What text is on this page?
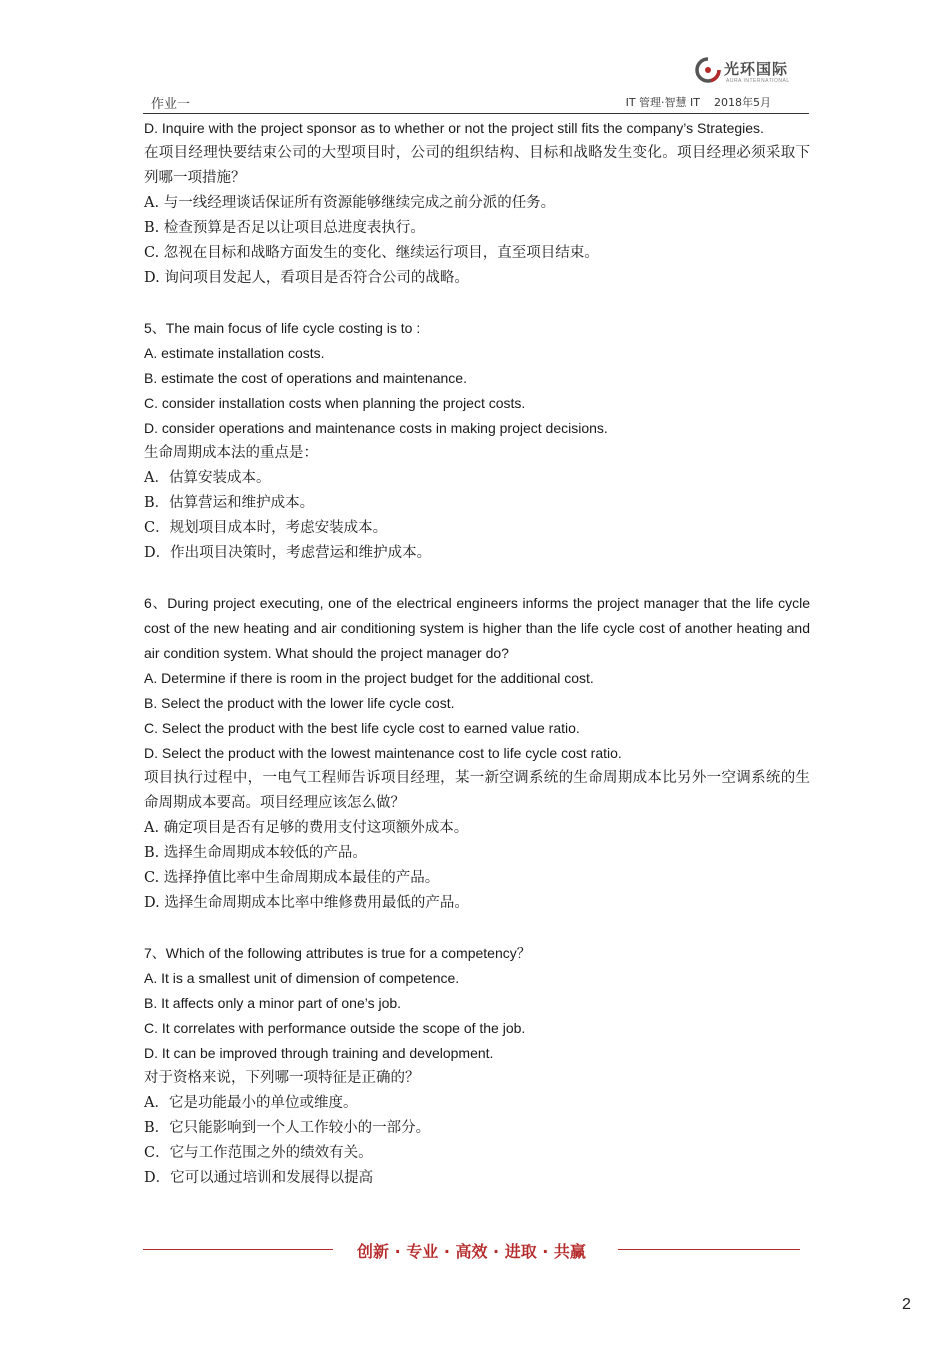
光环国际
AURA INTERNATIONAL
作业一	IT 管理·智慧 IT    2018年5月

D. Inquire with the project sponsor as to whether or not the project still fits the company’s Strategies.

在项目经理快要结束公司的大型项目时，公司的组织结构、目标和战略发生变化。项目经理必须采取下列哪一项措施？

A. 与一线经理谈话保证所有资源能够继续完成之前分派的任务。

B. 检查预算是否足以让项目总进度表执行。

C. 忽视在目标和战略方面发生的变化、继续运行项目，直至项目结束。

D. 询问项目发起人，看项目是否符合公司的战略。

5、The main focus of life cycle costing is to :

A. estimate installation costs.

B. estimate the cost of operations and maintenance.

C. consider installation costs when planning the project costs.

D. consider operations and maintenance costs in making project decisions.

生命周期成本法的重点是：

A．估算安装成本。

B．估算营运和维护成本。

C．规划项目成本时，考虑安装成本。

D．作出项目决策时，考虑营运和维护成本。

6、During project executing, one of the electrical engineers informs the project manager that the life cycle cost of the new heating and air conditioning system is higher than the life cycle cost of another heating and air condition system. What should the project manager do?

A. Determine if there is room in the project budget for the additional cost.

B. Select the product with the lower life cycle cost.

C. Select the product with the best life cycle cost to earned value ratio.

D. Select the product with the lowest maintenance cost to life cycle cost ratio.

项目执行过程中，一电气工程师告诉项目经理，某一新空调系统的生命周期成本比另外一空调系统的生命周期成本要高。项目经理应该怎么做？

A. 确定项目是否有足够的费用支付这项额外成本。

B. 选择生命周期成本较低的产品。

C. 选择挣值比率中生命周期成本最佳的产品。

D. 选择生命周期成本比率中维修费用最低的产品。

7、Which of the following attributes is true for a competency？

A. It is a smallest unit of dimension of competence.

B. It affects only a minor part of one’s job.

C. It correlates with performance outside the scope of the job.

D. It can be improved through training and development.

对于资格来说，下列哪一项特征是正确的？

A．它是功能最小的单位或维度。

B．它只能影响到一个人工作较小的一部分。

C．它与工作范围之外的绩效有关。

D．它可以通过培训和发展得以提高

创新 · 专业 · 高效 · 进取 · 共赢
2
